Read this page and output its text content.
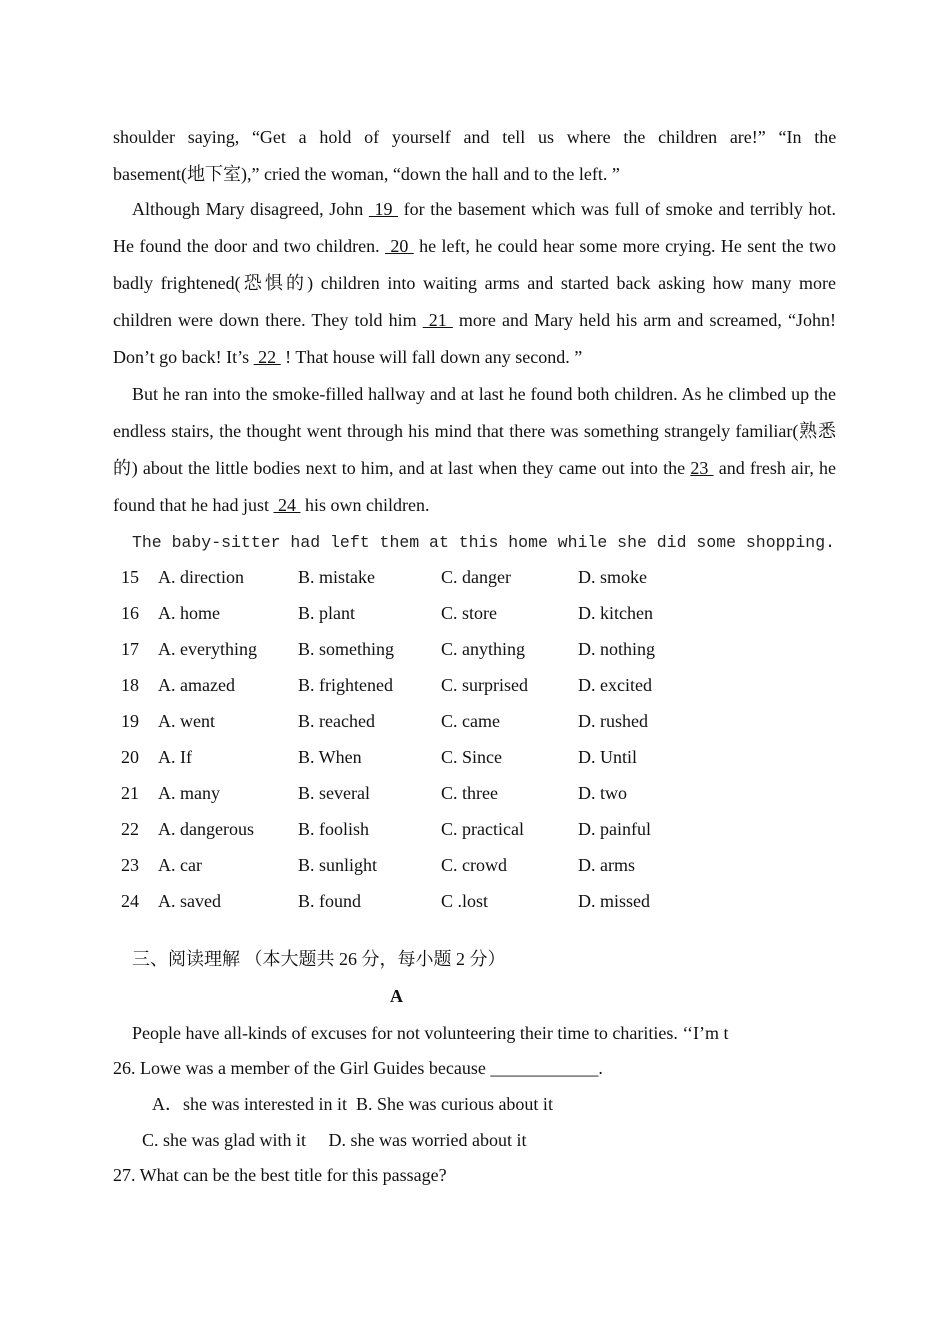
shoulder saying, “Get a hold of yourself and tell us where the children are!” “In the
basement(地下室),” cried the woman, “down the hall and to the left. ”
Although Mary disagreed, John  19  for the basement which was full of smoke and terribly hot. He found the door and two children.  20  he left, he could hear some more crying. He sent the two badly frightened(恐惧的) children into waiting arms and started back asking how many more children were down there. They told him  21  more and Mary held his arm and screamed, “John! Don’t go back! It’s  22  ! That house will fall down any second. ”
But he ran into the smoke-filled hallway and at last he found both children. As he climbed up the endless stairs, the thought went through his mind that there was something strangely familiar(熟悉的) about the little bodies next to him, and at last when they came out into the 23  and fresh air, he found that he had just  24  his own children.
The baby-sitter had left them at this home while she did some shopping.
15 A. direction	B. mistake	C. danger	D. smoke
16 A. home	B. plant	C. store	D. kitchen
17 A. everything B. something	C. anything	D. nothing
18 A. amazed	B. frightened	C. surprised	D. excited
19 A. went	B. reached	C. came	D. rushed
20 A. If	B. When	C. Since	D. Until
21 A. many	B. several	C. three	D. two
22 A. dangerous B. foolish	C. practical	D. painful
23 A. car	B. sunlight	C. crowd	D. arms
24 A. saved	B. found	C .lost	D. missed
三、阅读理解 （本大题共 26 分，每小题 2 分）
A
People have all-kinds of excuses for not volunteering their time to charities. ‘‘I’m t
26. Lowe was a member of the Girl Guides because ____________.
A．she was interested in it  B. She was curious about it
C. she was glad with it     D. she was worried about it
27. What can be the best title for this passage?
